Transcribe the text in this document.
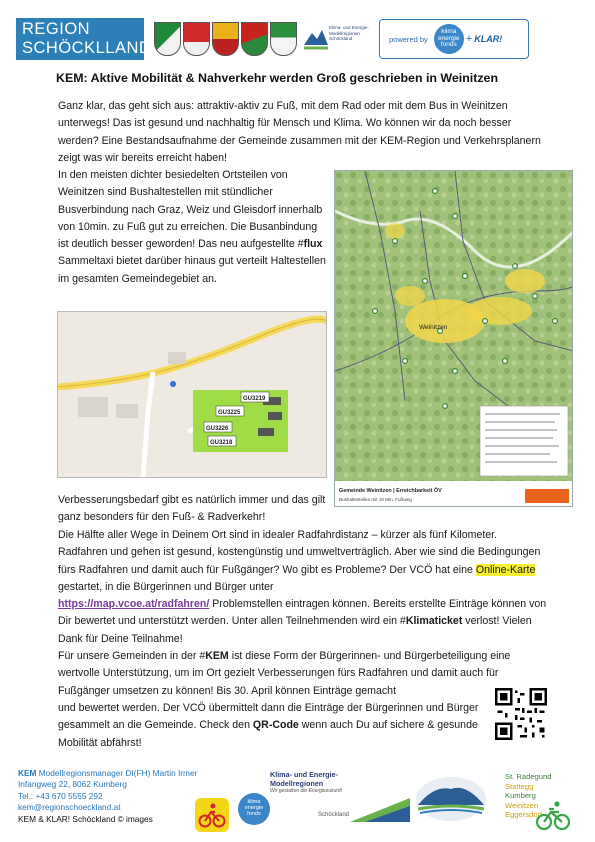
REGION
SCHÖCKLLAND
Klima- und Energie-Modellregionen Schöckland	powered by
klima energie fonds + KLAR!
KEM: Aktive Mobilität & Nahverkehr werden Groß geschrieben in Weinitzen
Ganz klar, das geht sich aus: attraktiv-aktiv zu Fuß, mit dem Rad oder mit dem Bus in Weinitzen unterwegs! Das ist gesund und nachhaltig für Mensch und Klima. Wo können wir da noch besser werden? Eine Bestandsaufnahme der Gemeinde zusammen mit der KEM-Region und Verkehrsplanern zeigt was wir bereits erreicht haben!
In den meisten dichter besiedelten Ortsteilen von Weinitzen sind Bushaltestellen mit stündlicher Busverbindung nach Graz, Weiz und Gleisdorf innerhalb von 10min. zu Fuß gut zu erreichen. Die Busanbindung ist deutlich besser geworden! Das neu aufgestellte #flux Sammeltaxi bietet darüber hinaus gut verteilt Haltestellen im gesamten Gemeindegebiet an.
Weinitzen
Gemeinde Weinitzen | Erreichbarkeit ÖV
Bushaltestellen mit 10 Min. Fußweg
GU3219
GU3225
GU3226
GU3218
Verbesserungsbedarf gibt es natürlich immer und das gilt ganz besonders für den Fuß- & Radverkehr!

Die Hälfte aller Wege in Deinem Ort sind in idealer Radfahrdistanz – kürzer als fünf Kilometer. Radfahren und gehen ist gesund, kostengünstig und umweltverträglich. Aber wie sind die Bedingungen fürs Radfahren und damit auch für Fußgänger? Wo gibt es Probleme? Der VCÖ hat eine Online-Karte gestartet, in die Bürgerinnen und Bürger unter
https://map.vcoe.at/radfahren/ Problemstellen eintragen können. Bereits erstellte Einträge können von Dir bewertet und unterstützt werden. Unter allen Teilnehmenden wird ein #Klimaticket verlost! Vielen Dank für Deine Teilnahme!

Für unsere Gemeinden in der #KEM ist diese Form der Bürgerinnen- und Bürgerbeteiligung eine wertvolle Unterstützung, um im Ort gezielt Verbesserungen fürs Radfahren und damit auch für Fußgänger umsetzen zu können! Bis 30. April können Einträge gemacht

und bewertet werden. Der VCÖ übermittelt dann die Einträge der Bürgerinnen und Bürger gesammelt an die Gemeinde. Check den QR-Code wenn auch Du auf sichere & gesunde Mobilität abfährst!

KEM Modellregionsmanager DI(FH) Martin Irmer
Infangweg 22, 8062 Kumberg
Tel.: +43 670 5555 292
kem@regionschoeckland.at
KEM & KLAR! Schöckland © images
klima energie fonds
Klima- und Energie-
Modellregionen
Wir gestalten die Energiezukunft
Schöckland
St. Radegund
Stattegg
Kumberg
Weinitzen
Eggersdorf
